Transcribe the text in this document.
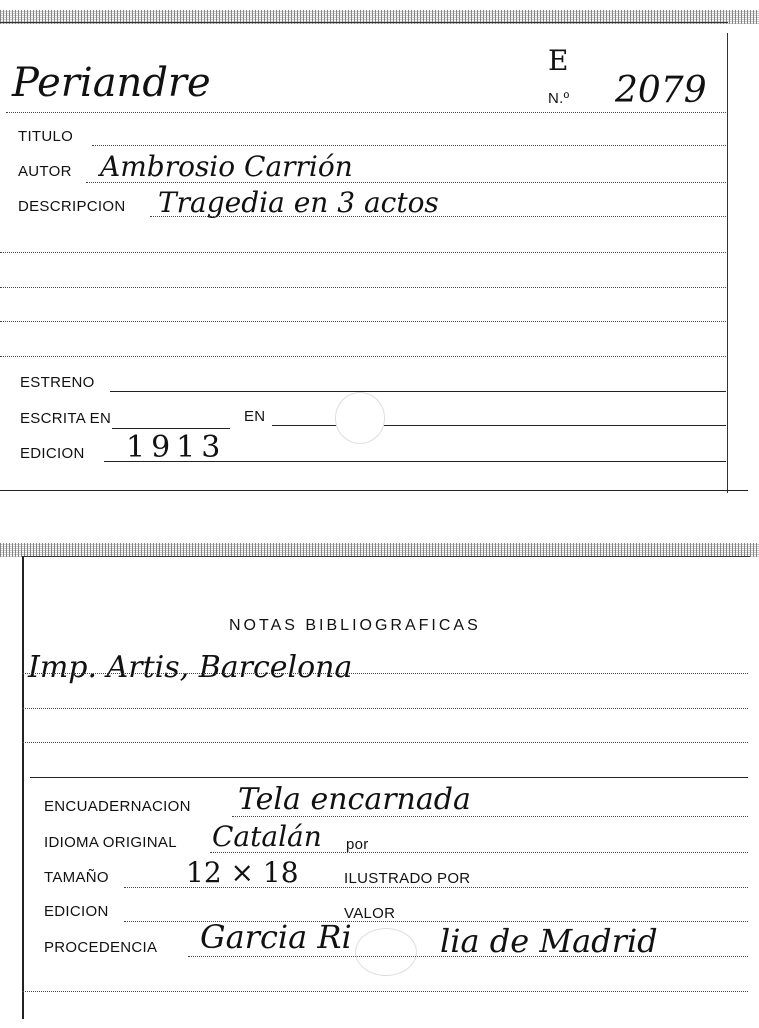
Periandre	E
N.º 2079
TITULO
AUTOR Ambrosio Carrión
DESCRIPCION Tragedia en 3 actos
ESTRENO
ESCRITA EN	EN
EDICION 1913
NOTAS BIBLIOGRAFICAS
Imp. Artis, Barcelona
ENCUADERNACION Tela encarnada
IDIOMA ORIGINAL Catalán por
TAMAÑO	12 × 18	ILUSTRADO POR
EDICION	VALOR
PROCEDENCIA Garcia Ri	lia de Madrid
